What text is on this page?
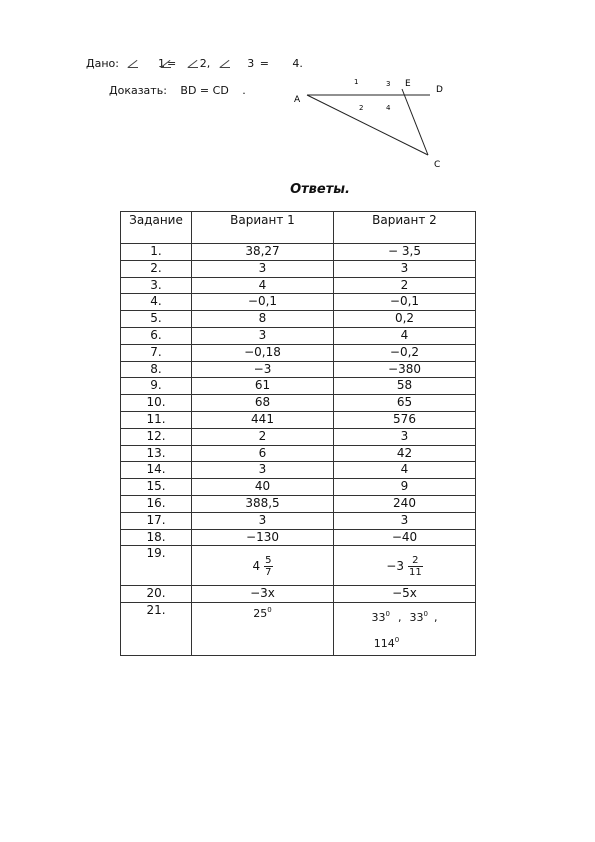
Дано:	1 = 2,	3 = 4.
Доказать: BD = CD .
A
E
D
C
1	3
2	4
Ответы.
Задание	Вариант 1	Вариант 2
1.	38,27	− 3,5
2.	3	3
3.	4	2
4.	−0,1	−0,1
5.	8	0,2
6.	3	4
7.	−0,18	−0,2
8.	−3	−380
9.	61	58
10.	68	65
11.	441	576
12.	2	3
13.	6	42
14.	3	4
15.	40	9
16.	388,5	240
17.	3	3
18.	−130	−40
19.	$4 \frac{5}{7}$	$-3 \frac{2}{11}$

20.	−3x	−5x
21.	$25^0$	$33^0$ , $33^0$ ,
$114^0$
